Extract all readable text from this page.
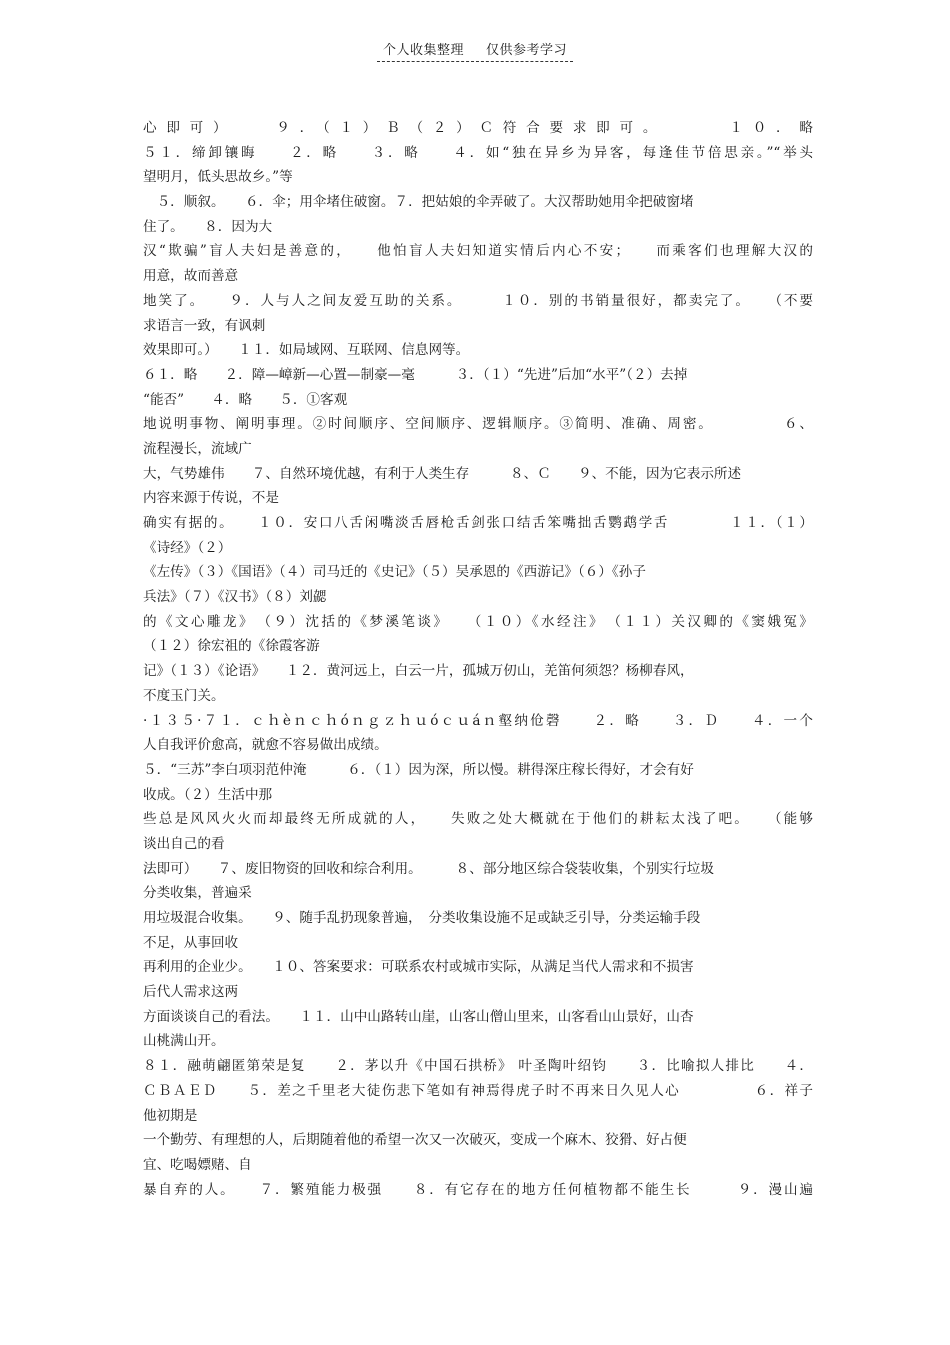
个人收集整理 仅供参考学习
心即可）　　９．（１）Ｂ（２）Ｃ符合要求即可。　　　１０．略
５１．缔卸镶晦　　２．略　　３．略　　４．如“独在异乡为异客，每逢佳节倍思亲。”“举头
望明月，低头思故乡。”等
　５．顺叙。　　６．伞；用伞堵住破窗。７．把姑娘的伞弄破了。大汉帮助她用伞把破窗堵
住了。　　８．因为大
汉“欺骗”盲人夫妇是善意的，　　他怕盲人夫妇知道实情后内心不安；　　而乘客们也理解大汉的
用意，故而善意
地笑了。　　９．人与人之间友爱互助的关系。　　　１０．别的书销量很好，都卖完了。　　（不要
求语言一致，有讽刺
效果即可。）　　１１．如局域网、互联网、信息网等。
６１．略　　２．障—嶂新—心置—制豪—毫　　　３．（１）“先进”后加“水平”（２）去掉
“能否”　　４．略　　５．①客观
地说明事物、阐明事理。②时间顺序、空间顺序、逻辑顺序。③简明、准确、周密。　　　　　６、
流程漫长，流域广
大，气势雄伟　　７、自然环境优越，有利于人类生存　　　８、Ｃ　　９、不能，因为它表示所述
内容来源于传说，不是
确实有据的。　　１０．安口八舌闲嘴淡舌唇枪舌剑张口结舌笨嘴拙舌鹦鹉学舌　　　　１１．（１）
《诗经》（２）
《左传》（３）《国语》（４）司马迁的《史记》（５）吴承恩的《西游记》（６）《孙子
兵法》（７）《汉书》（８）刘勰
的《文心雕龙》　（９）沈括的《梦溪笔谈》　　（１０）《水经注》　（１１）关汉卿的《窦娥冤》
（１２）徐宏祖的《徐霞客游
记》（１３）《论语》　　１２．黄河远上，白云一片，孤城万仞山，羌笛何须怨？杨柳春风，
不度玉门关。
·１３５·７１．ｃｈèｎｃｈóｎｇｚｈｕóｃｕáｎ壑纳伧磬　　２．略　　３．Ｄ　　４．一个
人自我评价愈高，就愈不容易做出成绩。
５．“三苏”李白项羽范仲淹　　　６．（１）因为深，所以慢。耕得深庄稼长得好，才会有好
收成。（２）生活中那
些总是风风火火而却最终无所成就的人，　　失败之处大概就在于他们的耕耘太浅了吧。　　（能够
谈出自己的看
法即可）　　７、废旧物资的回收和综合利用。　　　８、部分地区综合袋装收集，个别实行垃圾
分类收集，普遍采
用垃圾混合收集。　　９、随手乱扔现象普遍，　分类收集设施不足或缺乏引导，分类运输手段
不足，从事回收
再利用的企业少。　　１０、答案要求：可联系农村或城市实际，从满足当代人需求和不损害
后代人需求这两
方面谈谈自己的看法。　　１１．山中山路转山崖，山客山僧山里来，山客看山山景好，山杏
山桃满山开。
８１．融萌翩匿第荣是复　　２．茅以升《中国石拱桥》 叶圣陶叶绍钧　　３．比喻拟人排比　　４．
ＣＢＡＥＤ　　５．差之千里老大徒伤悲下笔如有神焉得虎子时不再来日久见人心　　　　　６．祥子
他初期是
一个勤劳、有理想的人，后期随着他的希望一次又一次破灭，变成一个麻木、狡猾、好占便
宜、吃喝嫖赌、自
暴自弃的人。　　７．繁殖能力极强　　８．有它存在的地方任何植物都不能生长　　　９．漫山遍
